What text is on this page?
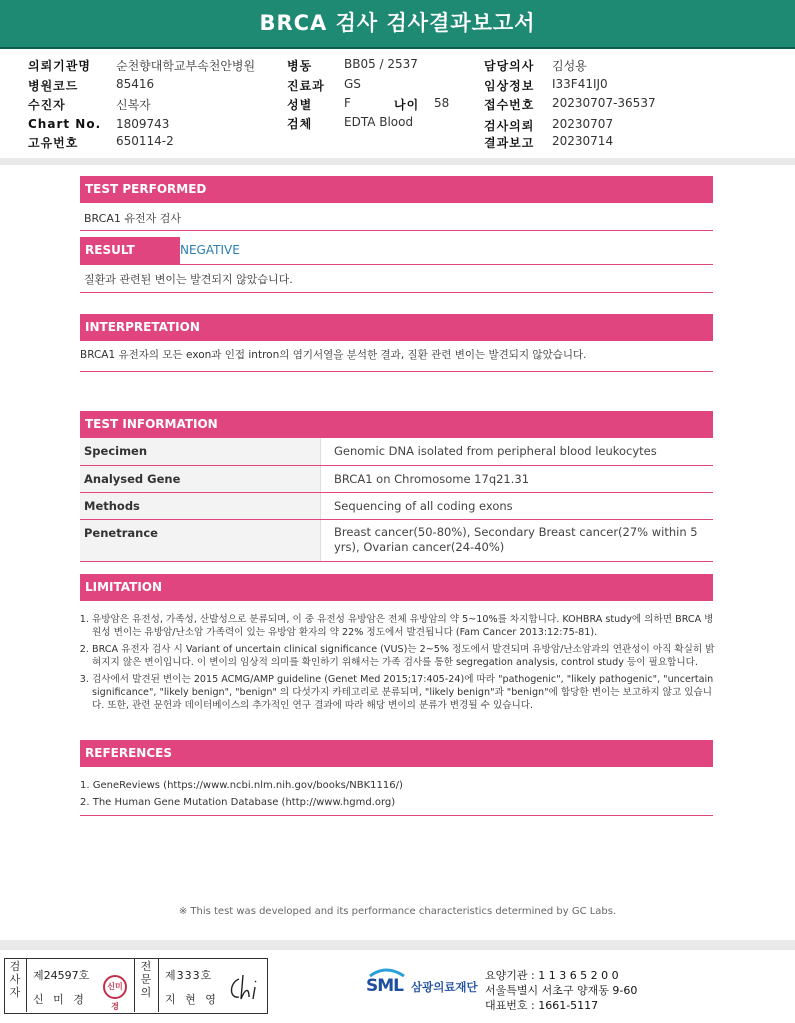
BRCA 검사 검사결과보고서
의뢰기관명 순천향대학교부속천안병원
병원코드	85416
수진자	신복자
Chart No. 1809743
고유번호	650114-2
병동	BB05 / 2537
진료과 GS
성별	F	나이 58
검체	EDTA Blood
담당의사 김성용
임상정보 I33F41IJ0
접수번호 20230707-36537
검사의뢰 20230707
결과보고 20230714
TEST PERFORMED
BRCA1 유전자 검사
RESULT	NEGATIVE
질환과 관련된 변이는 발견되지 않았습니다.
INTERPRETATION
BRCA1 유전자의 모든 exon과 인접 intron의 염기서열을 분석한 결과, 질환 관련 변이는 발견되지 않았습니다.
TEST INFORMATION
Specimen	Genomic DNA isolated from peripheral blood leukocytes
Analysed Gene	BRCA1 on Chromosome 17q21.31
Methods	Sequencing of all coding exons
Penetrance	Breast cancer(50-80%), Secondary Breast cancer(27% within 5 yrs), Ovarian cancer(24-40%)
LIMITATION
1. 유방암은 유전성, 가족성, 산발성으로 분류되며, 이 중 유전성 유방암은 전체 유방암의 약 5~10%를 차지합니다. KOHBRA study에 의하면 BRCA 병원성 변이는 유방암/난소암 가족력이 있는 유방암 환자의 약 22% 정도에서 발견됩니다 (Fam Cancer 2013:12:75-81).
2. BRCA 유전자 검사 시 Variant of uncertain clinical significance (VUS)는 2~5% 정도에서 발견되며 유방암/난소암과의 연관성이 아직 확실히 밝혀지지 않은 변이입니다. 이 변이의 임상적 의미를 확인하기 위해서는 가족 검사를 통한 segregation analysis, control study 등이 필요합니다.
3. 검사에서 발견된 변이는 2015 ACMG/AMP guideline (Genet Med 2015;17:405-24)에 따라 "pathogenic", "likely pathogenic", "uncertain significance", "likely benign", "benign" 의 다섯가지 카테고리로 분류되며, "likely benign"과 "benign"에 합당한 변이는 보고하지 않고 있습니다. 또한, 관련 문헌과 데이터베이스의 추가적인 연구 결과에 따라 해당 변이의 분류가 변경될 수 있습니다.
REFERENCES
1. GeneReviews (https://www.ncbi.nlm.nih.gov/books/NBK1116/)
2. The Human Gene Mutation Database (http://www.hgmd.org)
※ This test was developed and its performance characteristics determined by GC Labs.
검사자
제24597호
신 미 경
신미경
전문의
제333호
지 현 영
SML 삼광의료재단
요양기관 : 1 1 3 6 5 2 0 0
서울특별시 서초구 양재동 9-60
대표번호 : 1661-5117
